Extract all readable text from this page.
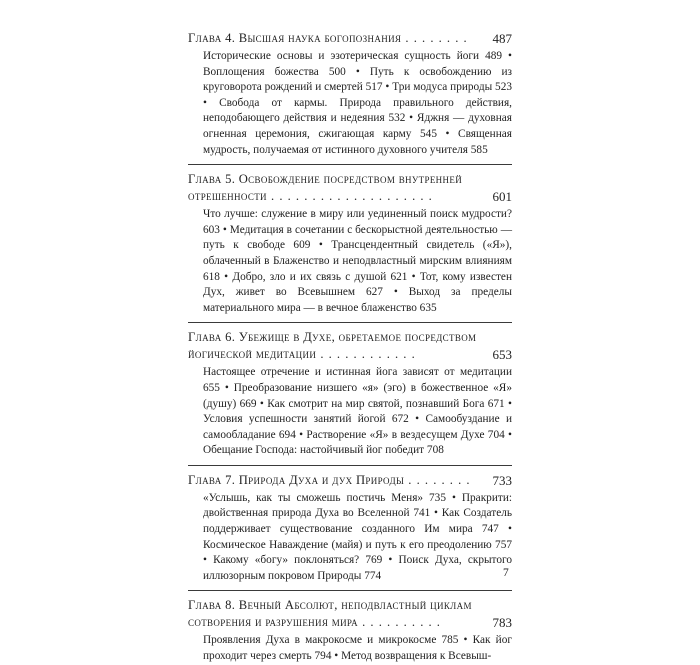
Глава 4. Высшая наука богопознания . . . . . . . . 487
Исторические основы и эзотерическая сущность йоги 489 • Воплощения божества 500 • Путь к освобождению из круговорота рождений и смертей 517 • Три модуса природы 523 • Свобода от кармы. Природа правильного действия, неподобающего действия и недеяния 532 • Яджня — духовная огненная церемония, сжигающая карму 545 • Священная мудрость, получаемая от истинного духовного учителя 585
Глава 5. Освобождение посредством внутренней отрешенности . . . . . . . . . . . . . . . . . . . .	601
Что лучше: служение в миру или уединенный поиск мудрости? 603 • Медитация в сочетании с бескорыстной деятельностью — путь к свободе 609 • Трансцендентный свидетель («Я»), облаченный в Блаженство и неподвластный мирским влияниям 618 • Добро, зло и их связь с душой 621 • Тот, кому известен Дух, живет во Всевышнем 627 • Выход за пределы материального мира — в вечное блаженство 635
Глава 6. Убежище в Духе, обретаемое посредством йогической медитации . . . . . . . . . . . .	653
Настоящее отречение и истинная йога зависят от медитации 655 • Преобразование низшего «я» (эго) в божественное «Я» (душу) 669 • Как смотрит на мир святой, познавший Бога 671 • Условия успешности занятий йогой 672 • Самообуздание и самообладание 694 • Растворение «Я» в вездесущем Духе 704 • Обещание Господа: настойчивый йог победит 708
Глава 7. Природа Духа и дух Природы . . . . . . . . 733
«Услышь, как ты сможешь постичь Меня» 735 • Пракрити: двойственная природа Духа во Вселенной 741 • Как Создатель поддерживает существование созданного Им мира 747 • Космическое Наваждение (майя) и путь к его преодолению 757 • Какому «богу» поклоняться? 769 • Поиск Духа, скрытого иллюзорным покровом Природы 774
Глава 8. Вечный Абсолют, неподвластный циклам сотворения и разрушения мира . . . . . . . . . .	783
Проявления Духа в макрокосме и микрокосме 785 • Как йог проходит через смерть 794 • Метод возвращения к Всевыш-
7
